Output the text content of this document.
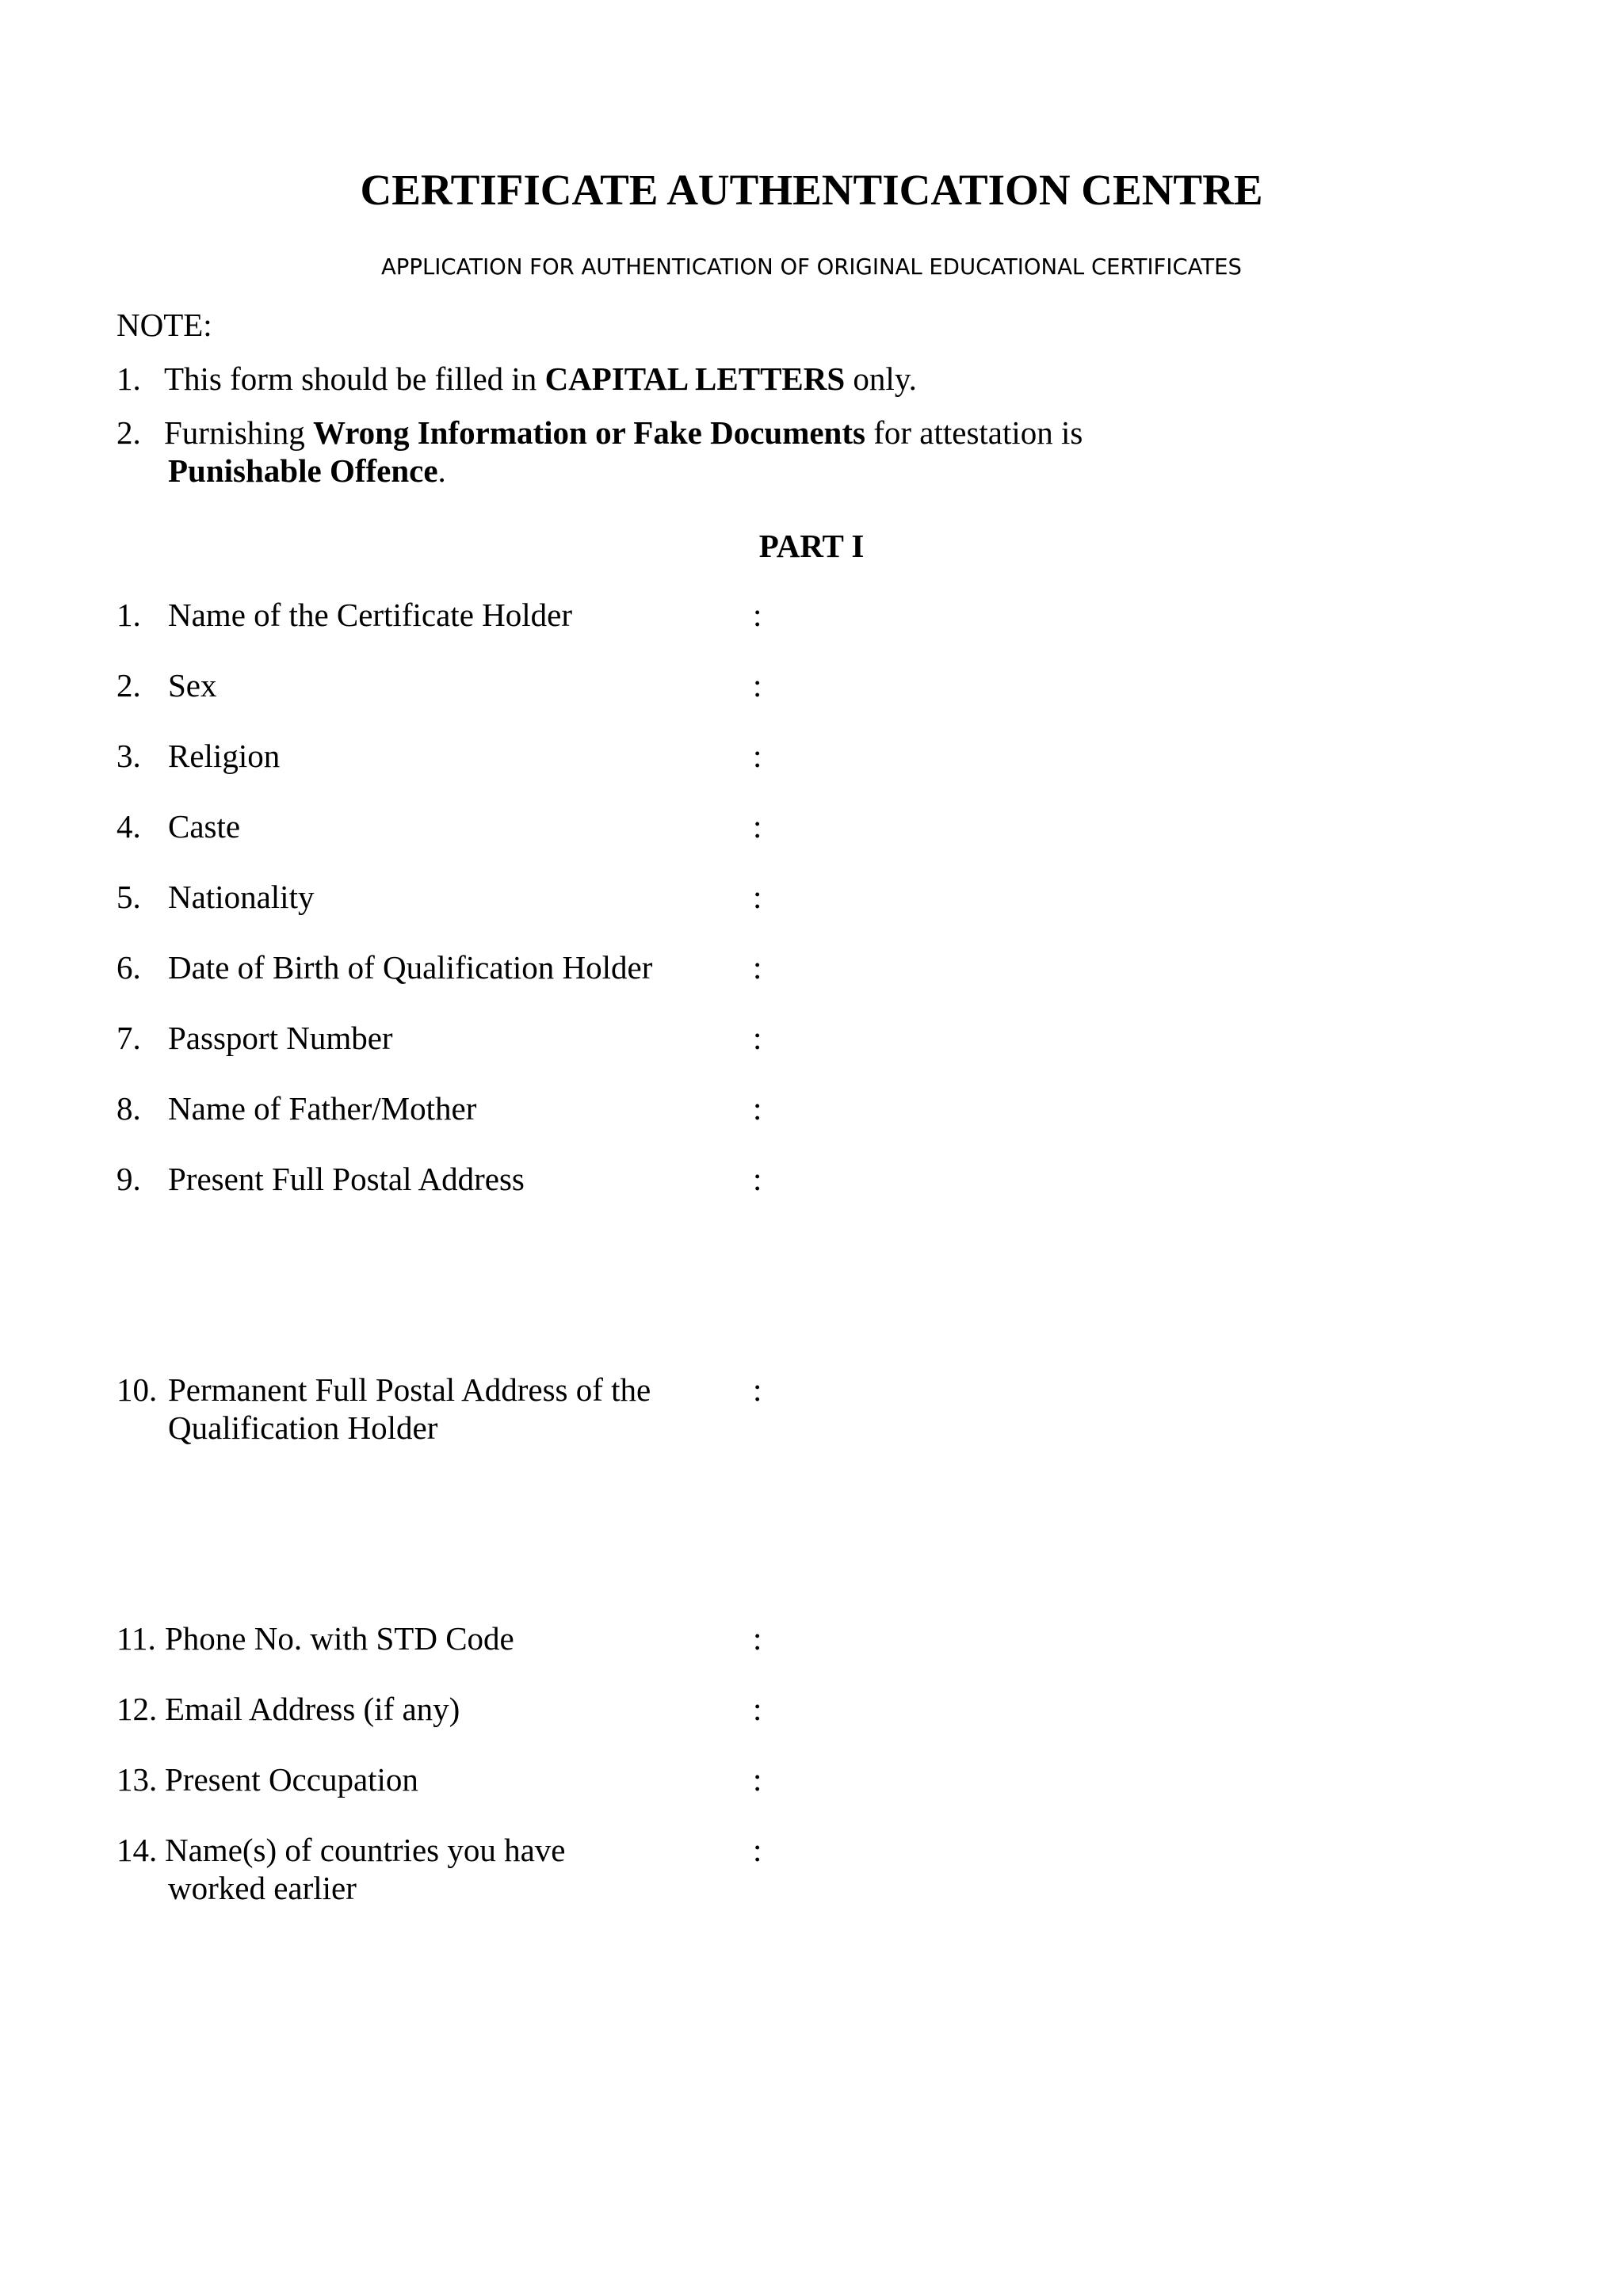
CERTIFICATE AUTHENTICATION CENTRE
APPLICATION FOR AUTHENTICATION OF ORIGINAL EDUCATIONAL CERTIFICATES
NOTE:
1. This form should be filled in CAPITAL LETTERS only.
2. Furnishing Wrong Information or Fake Documents for attestation is
Punishable Offence.
PART I
1. Name of the Certificate Holder	:
2. Sex	:
3. Religion	:
4. Caste	:
5. Nationality	:
6. Date of Birth of Qualification Holder	:
7. Passport Number	:
8. Name of Father/Mother	:
9. Present Full Postal Address	:
10. Permanent Full Postal Address of the
Qualification Holder
:
11. Phone No. with STD Code	:
12. Email Address (if any)	:
13. Present Occupation	:
14. Name(s) of countries you have
worked earlier
:
